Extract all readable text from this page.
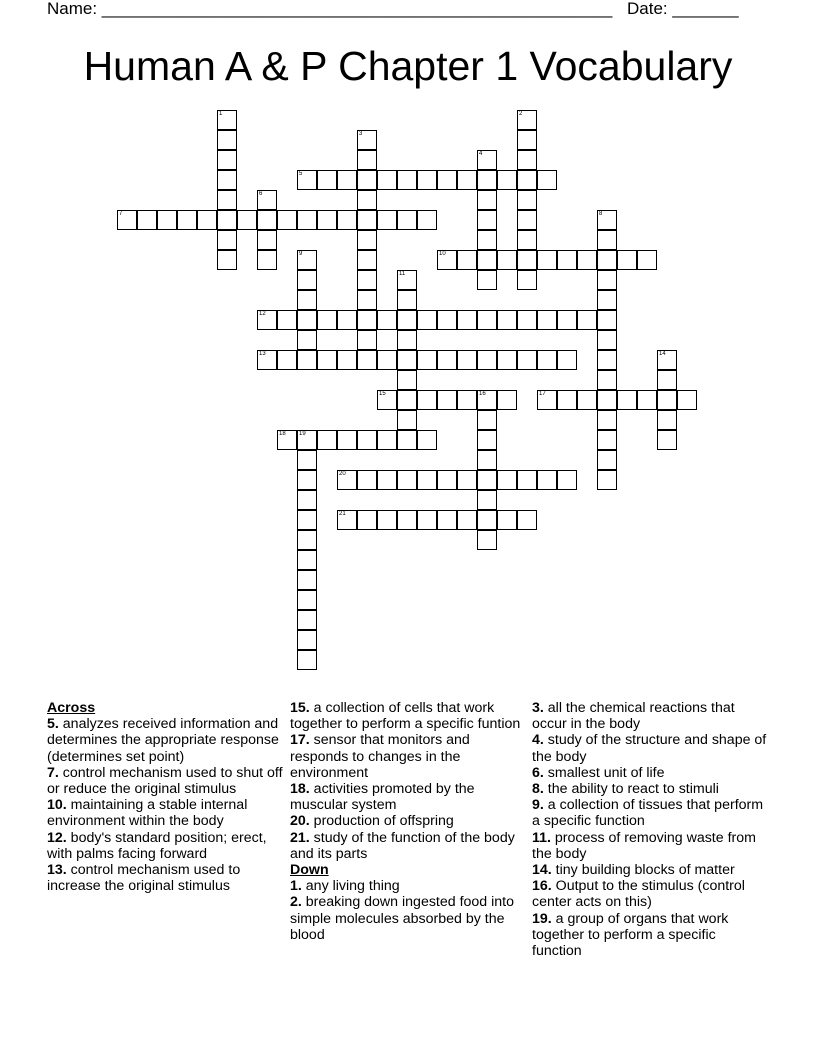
Name: ______________________________________________________ Date: _______
Human A & P Chapter 1 Vocabulary
1	2
3
4
5
6
7	8
9	10
11
12
13	14
15	16	17
18 19
20
21
Across
5. analyzes received information and determines the appropriate response (determines set point)
7. control mechanism used to shut off or reduce the original stimulus
10. maintaining a stable internal environment within the body
12. body's standard position; erect, with palms facing forward
13. control mechanism used to increase the original stimulus
15. a collection of cells that work together to perform a specific funtion
17. sensor that monitors and responds to changes in the environment
18. activities promoted by the muscular system
20. production of offspring
21. study of the function of the body and its parts
Down
1. any living thing
2. breaking down ingested food into simple molecules absorbed by the blood
3. all the chemical reactions that occur in the body
4. study of the structure and shape of the body
6. smallest unit of life
8. the ability to react to stimuli
9. a collection of tissues that perform a specific function
11. process of removing waste from the body
14. tiny building blocks of matter
16. Output to the stimulus (control center acts on this)
19. a group of organs that work together to perform a specific function
